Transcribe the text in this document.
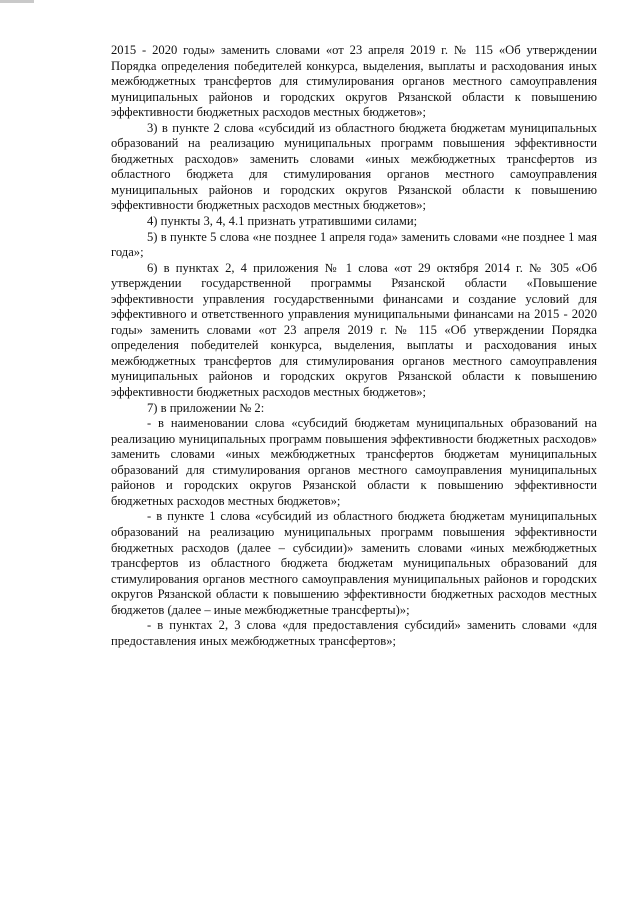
2015 - 2020 годы» заменить словами «от 23 апреля 2019 г. № 115 «Об утверждении Порядка определения победителей конкурса, выделения, выплаты и расходования иных межбюджетных трансфертов для стимулирования органов местного самоуправления муниципальных районов и городских округов Рязанской области к повышению эффективности бюджетных расходов местных бюджетов»;

3) в пункте 2 слова «субсидий из областного бюджета бюджетам муниципальных образований на реализацию муниципальных программ повышения эффективности бюджетных расходов» заменить словами «иных межбюджетных трансфертов из областного бюджета для стимулирования органов местного самоуправления муниципальных районов и городских округов Рязанской области к повышению эффективности бюджетных расходов местных бюджетов»;

4) пункты 3, 4, 4.1 признать утратившими силами;

5) в пункте 5 слова «не позднее 1 апреля года» заменить словами «не позднее 1 мая года»;

6) в пунктах 2, 4 приложения № 1 слова «от 29 октября 2014 г. № 305 «Об утверждении государственной программы Рязанской области «Повышение эффективности управления государственными финансами и создание условий для эффективного и ответственного управления муниципальными финансами на 2015 - 2020 годы» заменить словами «от 23 апреля 2019 г. № 115 «Об утверждении Порядка определения победителей конкурса, выделения, выплаты и расходования иных межбюджетных трансфертов для стимулирования органов местного самоуправления муниципальных районов и городских округов Рязанской области к повышению эффективности бюджетных расходов местных бюджетов»;

7) в приложении № 2:

- в наименовании слова «субсидий бюджетам муниципальных образований на реализацию муниципальных программ повышения эффективности бюджетных расходов» заменить словами «иных межбюджетных трансфертов бюджетам муниципальных образований для стимулирования органов местного самоуправления муниципальных районов и городских округов Рязанской области к повышению эффективности бюджетных расходов местных бюджетов»;

- в пункте 1 слова «субсидий из областного бюджета бюджетам муниципальных образований на реализацию муниципальных программ повышения эффективности бюджетных расходов (далее – субсидии)» заменить словами «иных межбюджетных трансфертов из областного бюджета бюджетам муниципальных образований для стимулирования органов местного самоуправления муниципальных районов и городских округов Рязанской области к повышению эффективности бюджетных расходов местных бюджетов (далее – иные межбюджетные трансферты)»;

- в пунктах 2, 3 слова «для предоставления субсидий» заменить словами «для предоставления иных межбюджетных трансфертов»;
